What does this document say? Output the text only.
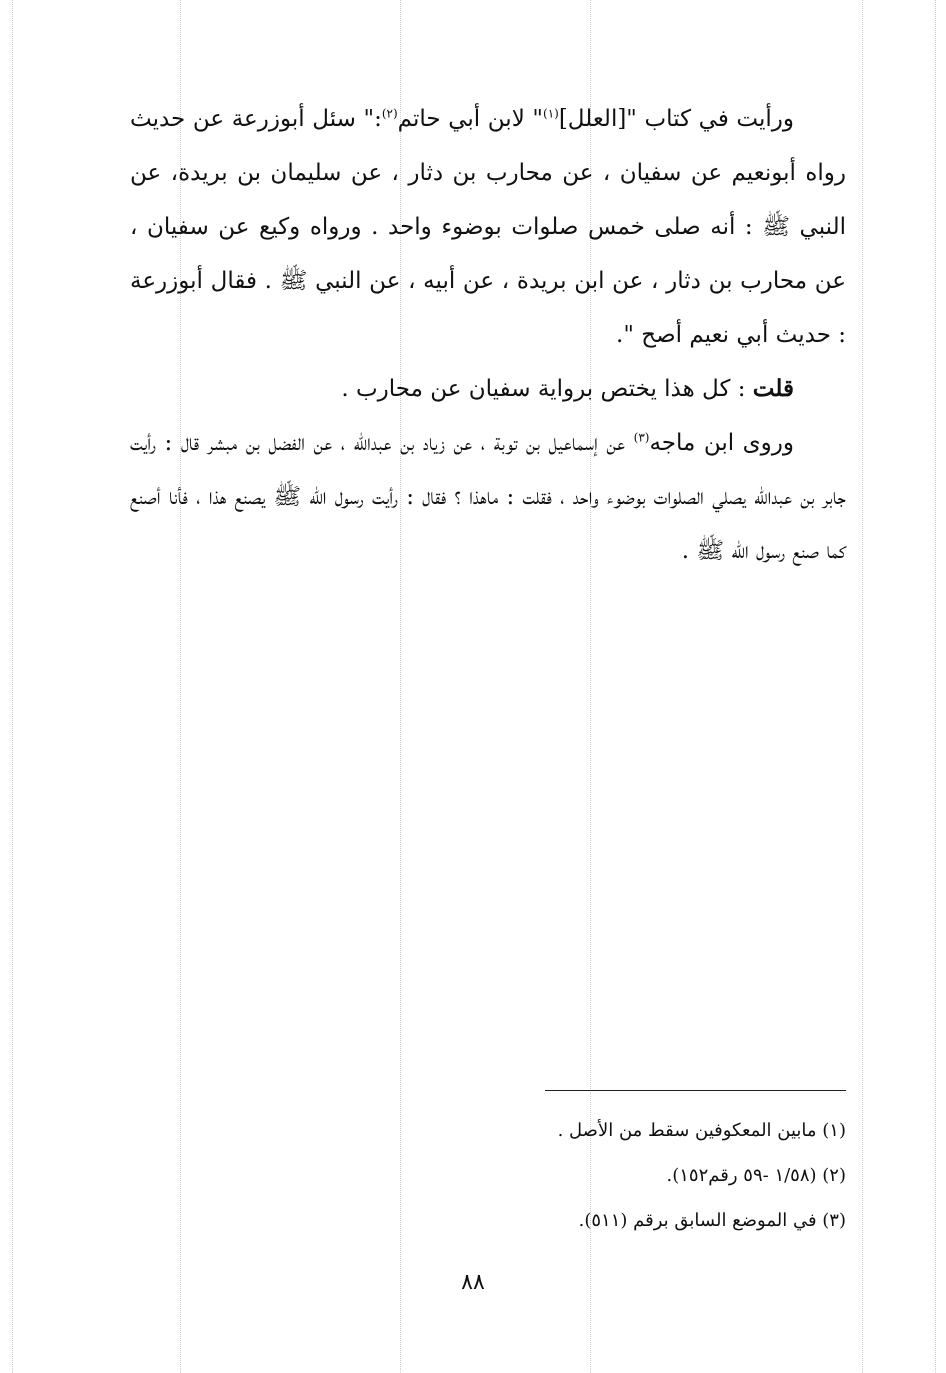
ورأيت في كتاب "[العلل]$^{(١)}$" لابن أبي حاتم$^{(٢)}$:" سئل أبوزرعة عن حديث رواه أبونعيم عن سفيان ، عن محارب بن دثار ، عن سليمان بن بريدة، عن النبي ﷺ : أنه صلى خمس صلوات بوضوء واحد . ورواه وكيع عن سفيان ، عن محارب بن دثار ، عن ابن بريدة ، عن أبيه ، عن النبي ﷺ . فقال أبوزرعة : حديث أبي نعيم أصح ".

قلت : كل هذا يختص برواية سفيان عن محارب .

وروى ابن ماجه$^{(٣)}$ عن إسماعيل بن توبة ، عن زياد بن عبدالله ، عن الفضل بن مبشر قال : رأيت جابر بن عبدالله يصلي الصلوات بوضوء واحد ، فقلت : ماهذا ؟ فقال : رأيت رسول الله ﷺ يصنع هذا ، فأنا أصنع كما صنع رسول الله ﷺ .

(١) مابين المعكوفين سقط من الأصل .

(٢) (١/٥٨ -٥٩ رقم١٥٢).

(٣) في الموضع السابق برقم (٥١١).

٨٨
